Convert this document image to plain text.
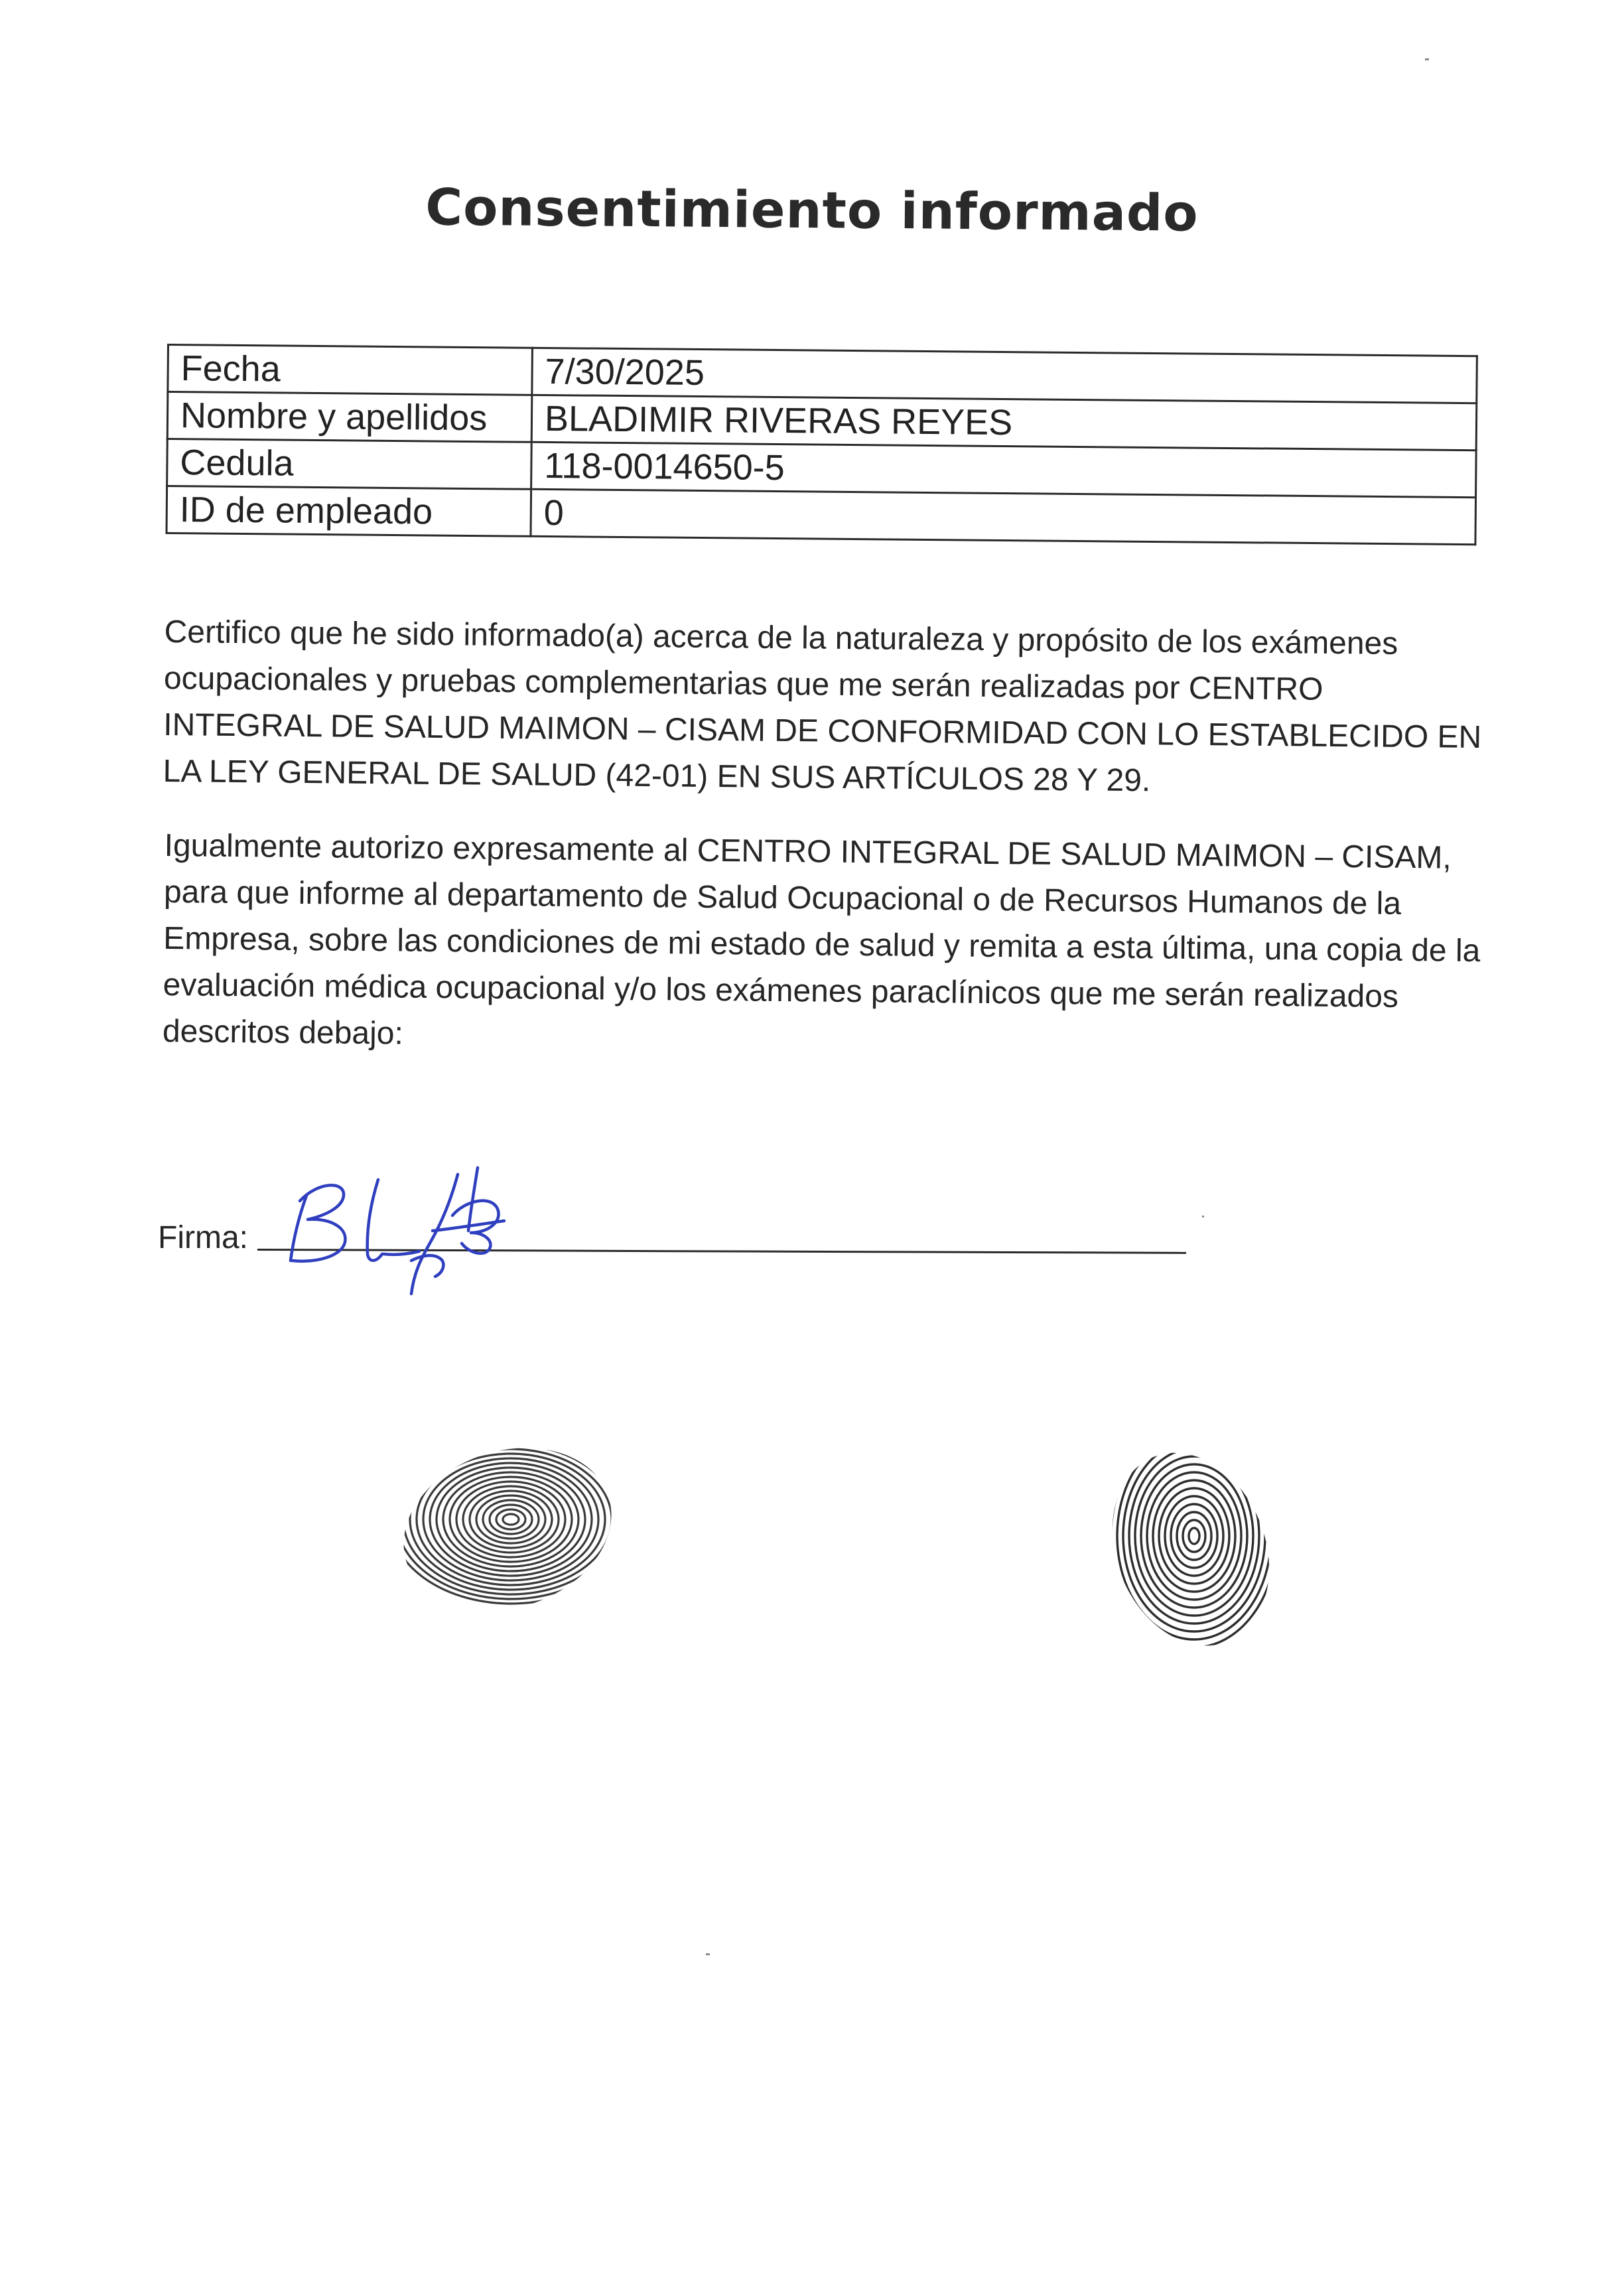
Consentimiento informado
Fecha	7/30/2025
Nombre y apellidos	BLADIMIR RIVERAS REYES
Cedula	118-0014650-5
ID de empleado	0
Certifico que he sido informado(a) acerca de la naturaleza y propósito de los exámenes ocupacionales y pruebas complementarias que me serán realizadas por CENTRO INTEGRAL DE SALUD MAIMON – CISAM DE CONFORMIDAD CON LO ESTABLECIDO EN LA LEY GENERAL DE SALUD (42-01) EN SUS ARTÍCULOS 28 Y 29.
Igualmente autorizo expresamente al CENTRO INTEGRAL DE SALUD MAIMON – CISAM, para que informe al departamento de Salud Ocupacional o de Recursos Humanos de la Empresa, sobre las condiciones de mi estado de salud y remita a esta última, una copia de la evaluación médica ocupacional y/o los exámenes paraclínicos que me serán realizados descritos debajo:
Firma:
